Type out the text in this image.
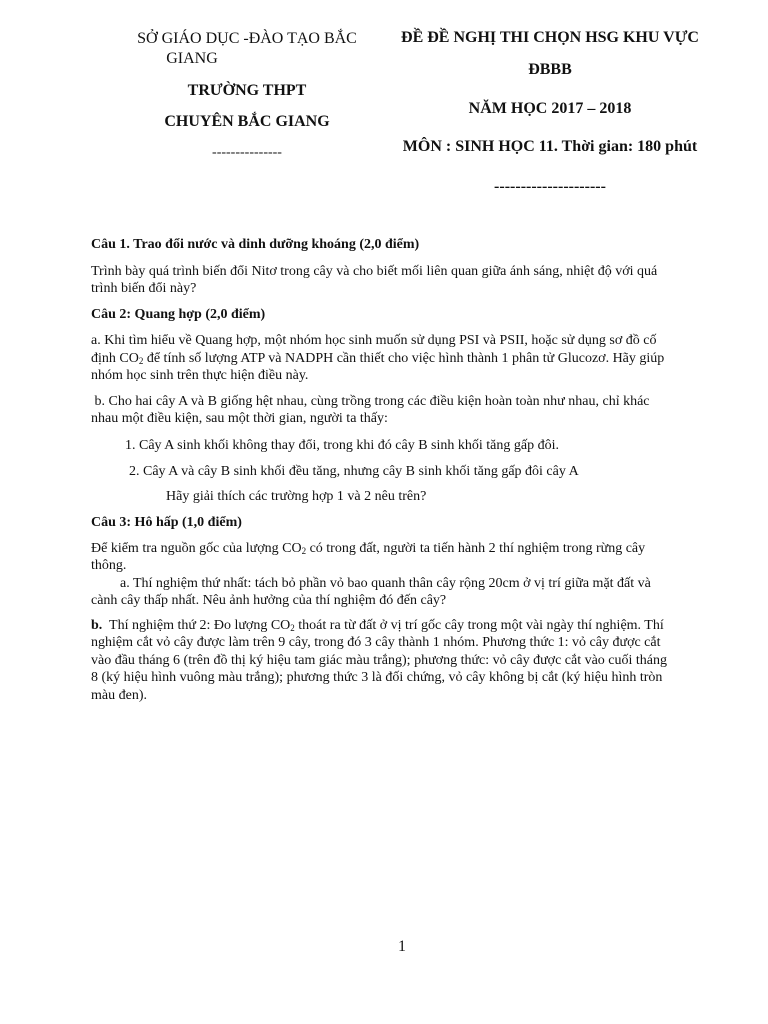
SỞ GIÁO DỤC -ĐÀO TẠO BẮC
GIANG
TRƯỜNG THPT
CHUYÊN BẮC GIANG
---------------
ĐỀ ĐỀ NGHỊ THI CHỌN HSG KHU VỰC
ĐBBB
NĂM HỌC 2017 – 2018
MÔN : SINH HỌC 11. Thời gian: 180 phút
---------------------
Câu 1. Trao đổi nước và dinh dưỡng khoáng (2,0 điểm)
Trình bày quá trình biến đổi Nitơ trong cây và cho biết mối liên quan giữa ánh sáng, nhiệt độ với quá
trình biến đổi này?
Câu 2: Quang hợp (2,0 điểm)
a. Khi tìm hiểu về Quang hợp, một nhóm học sinh muốn sử dụng PSI và PSII, hoặc sử dụng sơ đồ cố
định $CO_2$ để tính số lượng ATP và NADPH cần thiết cho việc hình thành 1 phân tử Glucozơ. Hãy giúp
nhóm học sinh trên thực hiện điều này.
b. Cho hai cây A và B giống hệt nhau, cùng trồng trong các điều kiện hoàn toàn như nhau, chỉ khác
nhau một điều kiện, sau một thời gian, người ta thấy:
1. Cây A sinh khối không thay đổi, trong khi đó cây B sinh khối tăng gấp đôi.
2. Cây A và cây B sinh khối đều tăng, nhưng cây B sinh khối tăng gấp đôi cây A
Hãy giải thích các trường hợp 1 và 2 nêu trên?
Câu 3: Hô hấp (1,0 điểm)
Để kiểm tra nguồn gốc của lượng $CO_2$ có trong đất, người ta tiến hành 2 thí nghiệm trong rừng cây
thông.
a. Thí nghiệm thứ nhất: tách bỏ phần vỏ bao quanh thân cây rộng 20cm ở vị trí giữa mặt đất và
cành cây thấp nhất. Nêu ảnh hưởng của thí nghiệm đó đến cây?
b.  Thí nghiệm thứ 2: Đo lượng $CO_2$ thoát ra từ đất ở vị trí gốc cây trong một vài ngày thí nghiệm. Thí
nghiệm cắt vỏ cây được làm trên 9 cây, trong đó 3 cây thành 1 nhóm. Phương thức 1: vỏ cây được cắt
vào đầu tháng 6 (trên đồ thị ký hiệu tam giác màu trắng); phương thức: vỏ cây được cắt vào cuối tháng
8 (ký hiệu hình vuông màu trắng); phương thức 3 là đối chứng, vỏ cây không bị cắt (ký hiệu hình tròn
màu đen).
1
